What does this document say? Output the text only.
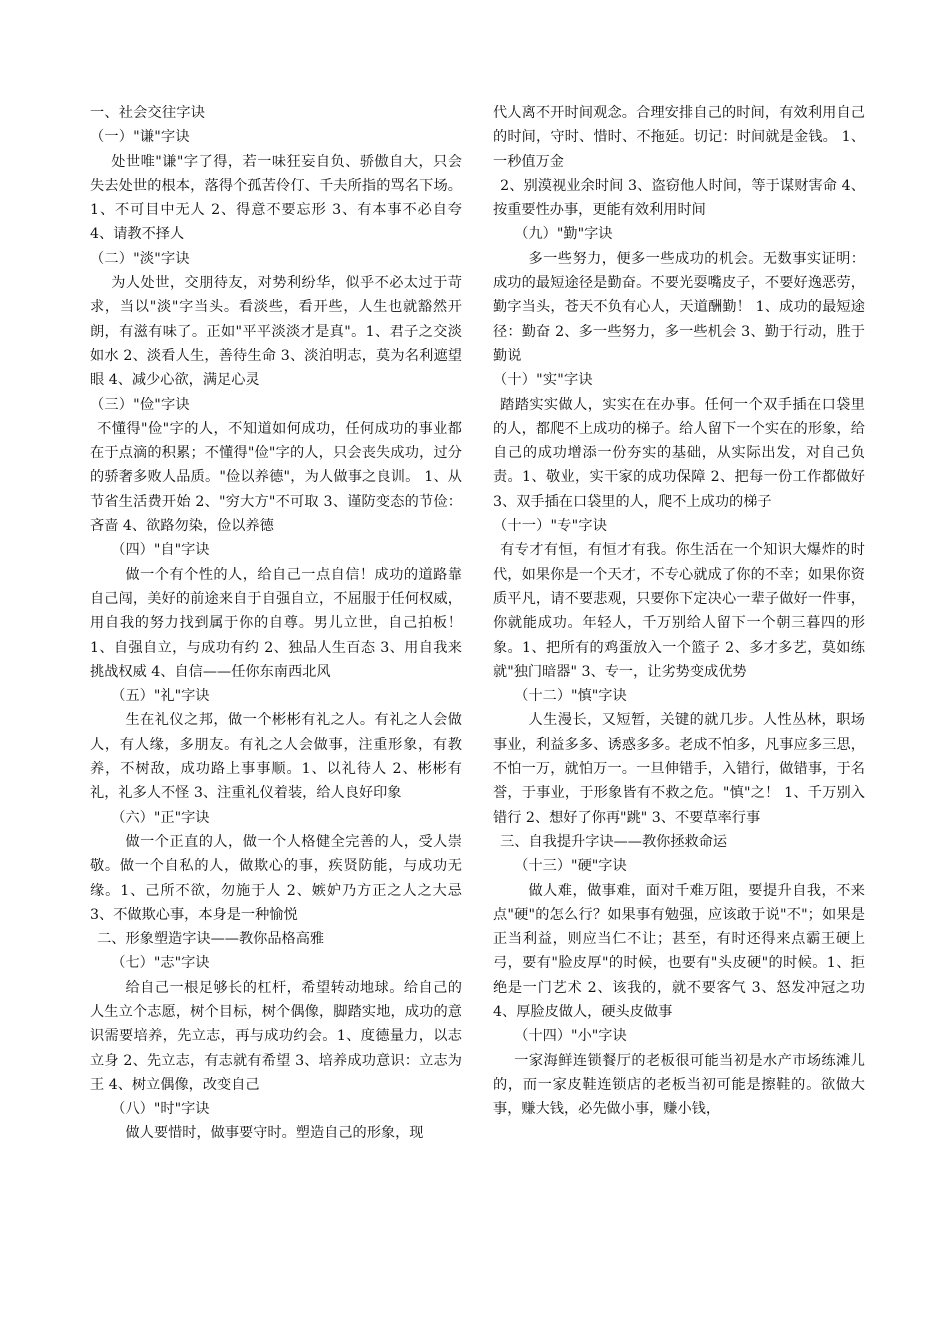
一、社会交往字诀

（一）"谦"字诀

处世唯"谦"字了得，若一味狂妄自负、骄傲自大，只会失去处世的根本，落得个孤苦伶仃、千夫所指的骂名下场。1、不可目中无人 2、得意不要忘形 3、有本事不必自夸 4、请教不择人

（二）"淡"字诀

为人处世，交朋待友，对势利纷华，似乎不必太过于苛求，当以"淡"字当头。看淡些，看开些，人生也就豁然开朗，有滋有味了。正如"平平淡淡才是真"。1、君子之交淡如水 2、淡看人生，善待生命 3、淡泊明志，莫为名利遮望眼 4、减少心欲，满足心灵

（三）"俭"字诀

不懂得"俭"字的人，不知道如何成功，任何成功的事业都在于点滴的积累；不懂得"俭"字的人，只会丧失成功，过分的骄奢多败人品质。"俭以养德"，为人做事之良训。 1、从节省生活费开始 2、"穷大方"不可取 3、谨防变态的节俭：吝啬 4、欲路勿染，俭以养德

（四）"自"字诀

做一个有个性的人，给自己一点自信！成功的道路靠自己闯，美好的前途来自于自强自立，不屈服于任何权威，用自我的努力找到属于你的自尊。男儿立世，自己拍板！ 1、自强自立，与成功有约 2、独品人生百态 3、用自我来挑战权威 4、自信——任你东南西北风

（五）"礼"字诀

生在礼仪之邦，做一个彬彬有礼之人。有礼之人会做人，有人缘，多朋友。有礼之人会做事，注重形象，有教养，不树敌，成功路上事事顺。1、以礼待人 2、彬彬有礼，礼多人不怪 3、注重礼仪着装，给人良好印象

（六）"正"字诀

做一个正直的人，做一个人格健全完善的人，受人崇敬。做一个自私的人，做欺心的事，疾贤防能，与成功无缘。1、己所不欲，勿施于人 2、嫉妒乃方正之人之大忌 3、不做欺心事，本身是一种愉悦

二、形象塑造字诀——教你品格高雅

（七）"志"字诀

给自己一根足够长的杠杆，希望转动地球。给自己的人生立个志愿，树个目标，树个偶像，脚踏实地，成功的意识需要培养，先立志，再与成功约会。1、度德量力，以志立身 2、先立志，有志就有希望 3、培养成功意识：立志为王 4、树立偶像，改变自己

（八）"时"字诀

做人要惜时，做事要守时。塑造自己的形象，现

代人离不开时间观念。合理安排自己的时间，有效利用自己的时间，守时、惜时、不拖延。切记：时间就是金钱。 1、一秒值万金

2、别漠视业余时间 3、盗窃他人时间，等于谋财害命 4、按重要性办事，更能有效利用时间

（九）"勤"字诀

多一些努力，便多一些成功的机会。无数事实证明：成功的最短途径是勤奋。不要光耍嘴皮子，不要好逸恶劳，勤字当头，苍天不负有心人，天道酬勤！ 1、成功的最短途径：勤奋 2、多一些努力，多一些机会 3、勤于行动，胜于勤说

（十）"实"字诀

踏踏实实做人，实实在在办事。任何一个双手插在口袋里的人，都爬不上成功的梯子。给人留下一个实在的形象，给自己的成功增添一份夯实的基础，从实际出发，对自己负责。1、敬业，实干家的成功保障 2、把每一份工作都做好 3、双手插在口袋里的人，爬不上成功的梯子

（十一）"专"字诀

有专才有恒，有恒才有我。你生活在一个知识大爆炸的时代，如果你是一个天才，不专心就成了你的不幸；如果你资质平凡，请不要悲观，只要你下定决心一辈子做好一件事，你就能成功。年轻人，千万别给人留下一个朝三暮四的形象。1、把所有的鸡蛋放入一个篮子 2、多才多艺，莫如练就"独门暗器" 3、专一，让劣势变成优势

（十二）"慎"字诀

人生漫长，又短暂，关键的就几步。人性丛林，职场事业，利益多多、诱惑多多。老成不怕多，凡事应多三思，不怕一万，就怕万一。一旦伸错手，入错行，做错事，于名誉，于事业，于形象皆有不救之危。"慎"之！ 1、千万别入错行 2、想好了你再"跳" 3、不要草率行事

三、自我提升字诀——教你拯救命运

（十三）"硬"字诀

做人难，做事难，面对千难万阻，要提升自我，不来点"硬"的怎么行？如果事有勉强，应该敢于说"不"；如果是正当利益，则应当仁不让；甚至，有时还得来点霸王硬上弓，要有"脸皮厚"的时候，也要有"头皮硬"的时候。1、拒绝是一门艺术 2、该我的，就不要客气 3、怒发冲冠之功 4、厚脸皮做人，硬头皮做事

（十四）"小"字诀

一家海鲜连锁餐厅的老板很可能当初是水产市场练滩儿的，而一家皮鞋连锁店的老板当初可能是擦鞋的。欲做大事，赚大钱，必先做小事，赚小钱，
